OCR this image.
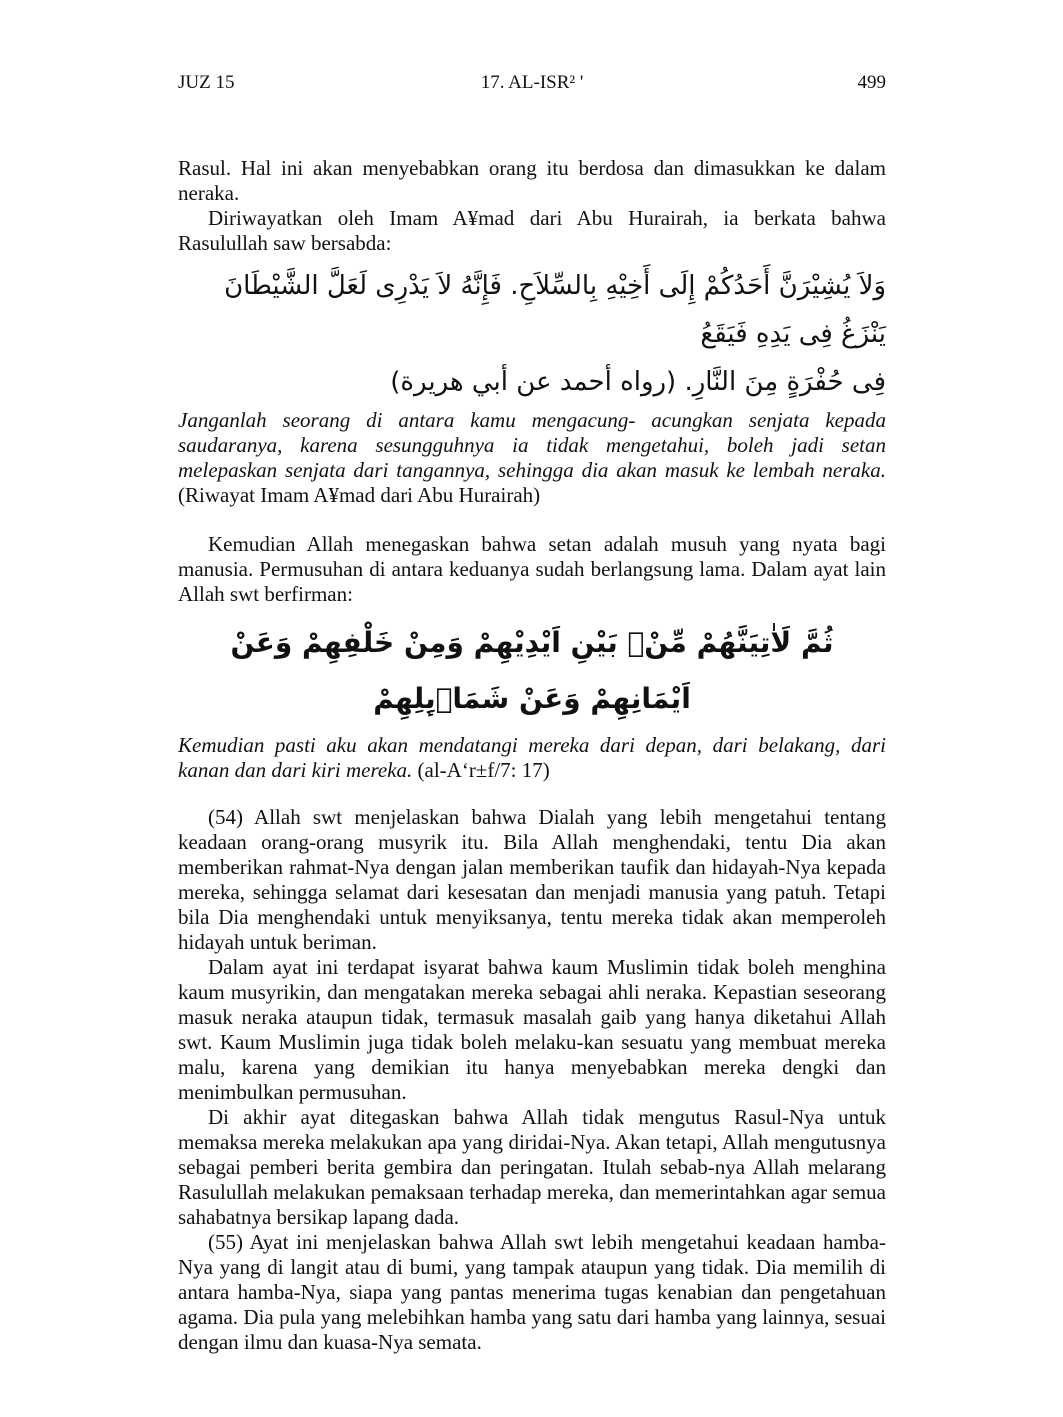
JUZ 15	17. AL-ISR² '	499

Rasul. Hal ini akan menyebabkan orang itu berdosa dan dimasukkan ke dalam neraka.

Diriwayatkan oleh Imam A¥mad dari Abu Hurairah, ia berkata bahwa Rasulullah saw bersabda:

وَلاَ يُشِيْرَنَّ أَحَدُكُمْ إِلَى أَخِيْهِ بِالسِّلاَحِ. فَإِنَّهُ لاَ يَدْرِى لَعَلَّ الشَّيْطَانَ يَنْزَغُ فِى يَدِهِ فَيَقَعُ
فِى حُفْرَةٍ مِنَ النَّارِ. (رواه أحمد عن أبي هريرة)

Janganlah seorang di antara kamu mengacung- acungkan senjata kepada saudaranya, karena sesungguhnya ia tidak mengetahui, boleh jadi setan melepaskan senjata dari tangannya, sehingga dia akan masuk ke lembah neraka. (Riwayat Imam A¥mad dari Abu Hurairah)

Kemudian Allah menegaskan bahwa setan adalah musuh yang nyata bagi manusia. Permusuhan di antara keduanya sudah berlangsung lama. Dalam ayat lain Allah swt berfirman:

ثُمَّ لَاٰتِيَنَّهُمْ مِّنْۢ بَيْنِ اَيْدِيْهِمْ وَمِنْ خَلْفِهِمْ وَعَنْ اَيْمَانِهِمْ وَعَنْ شَمَاۤىِٕلِهِمْ

Kemudian pasti aku akan mendatangi mereka dari depan, dari belakang, dari kanan dan dari kiri mereka. (al-A‘r±f/7: 17)

(54) Allah swt menjelaskan bahwa Dialah yang lebih mengetahui tentang keadaan orang-orang musyrik itu. Bila Allah menghendaki, tentu Dia akan memberikan rahmat-Nya dengan jalan memberikan taufik dan hidayah-Nya kepada mereka, sehingga selamat dari kesesatan dan menjadi manusia yang patuh. Tetapi bila Dia menghendaki untuk menyiksanya, tentu mereka tidak akan memperoleh hidayah untuk beriman.

Dalam ayat ini terdapat isyarat bahwa kaum Muslimin tidak boleh menghina kaum musyrikin, dan mengatakan mereka sebagai ahli neraka. Kepastian seseorang masuk neraka ataupun tidak, termasuk masalah gaib yang hanya diketahui Allah swt. Kaum Muslimin juga tidak boleh melaku-kan sesuatu yang membuat mereka malu, karena yang demikian itu hanya menyebabkan mereka dengki dan menimbulkan permusuhan.

Di akhir ayat ditegaskan bahwa Allah tidak mengutus Rasul-Nya untuk memaksa mereka melakukan apa yang diridai-Nya. Akan tetapi, Allah mengutusnya sebagai pemberi berita gembira dan peringatan. Itulah sebab-nya Allah melarang Rasulullah melakukan pemaksaan terhadap mereka, dan memerintahkan agar semua sahabatnya bersikap lapang dada.

(55) Ayat ini menjelaskan bahwa Allah swt lebih mengetahui keadaan hamba-Nya yang di langit atau di bumi, yang tampak ataupun yang tidak. Dia memilih di antara hamba-Nya, siapa yang pantas menerima tugas kenabian dan pengetahuan agama. Dia pula yang melebihkan hamba yang satu dari hamba yang lainnya, sesuai dengan ilmu dan kuasa-Nya semata.
